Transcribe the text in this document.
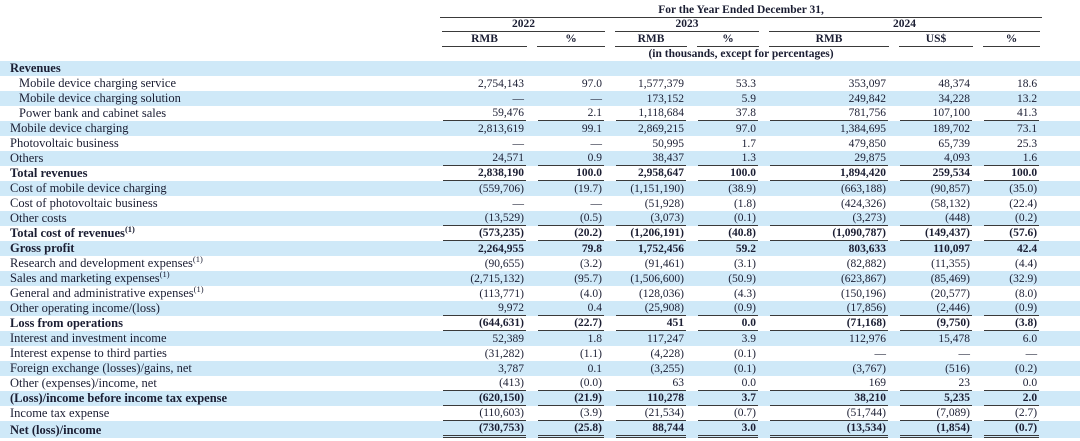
	For the Year Ended December 31,							

	2022		2023		2024			

	RMB	%	RMB	%	RMB	US$	%	

	(in thousands, except for percentages)							

Revenues	

Mobile device charging service	2,754,143	97.0	1,577,379	53.3	353,097	48,374	18.6	

Mobile device charging solution	—	—	173,152	5.9	249,842	34,228	13.2	

Power bank and cabinet sales	59,476	2.1	1,118,684	37.8	781,756	107,100	41.3	

Mobile device charging	2,813,619	99.1	2,869,215	97.0	1,384,695	189,702	73.1	

Photovoltaic business	—	—	50,995	1.7	479,850	65,739	25.3	

Others	24,571	0.9	38,437	1.3	29,875	4,093	1.6	

Total revenues	2,838,190	100.0	2,958,647	100.0	1,894,420	259,534	100.0	

Cost of mobile device charging	(559,706)	(19.7)	(1,151,190)	(38.9)	(663,188)	(90,857)	(35.0)	

Cost of photovoltaic business	—	—	(51,928)	(1.8)	(424,326)	(58,132)	(22.4)	

Other costs	(13,529)	(0.5)	(3,073)	(0.1)	(3,273)	(448)	(0.2)	

Total cost of revenues$^{(1)}$	(573,235)	(20.2)	(1,206,191)	(40.8)	(1,090,787)	(149,437)	(57.6)	

Gross profit	2,264,955	79.8	1,752,456	59.2	803,633	110,097	42.4	

Research and development expenses$^{(1)}$	(90,655)	(3.2)	(91,461)	(3.1)	(82,882)	(11,355)	(4.4)	

Sales and marketing expenses$^{(1)}$	(2,715,132)	(95.7)	(1,506,600)	(50.9)	(623,867)	(85,469)	(32.9)	

General and administrative expenses$^{(1)}$	(113,771)	(4.0)	(128,036)	(4.3)	(150,196)	(20,577)	(8.0)	

Other operating income/(loss)	9,972	0.4	(25,908)	(0.9)	(17,856)	(2,446)	(0.9)	

Loss from operations	(644,631)	(22.7)	451	0.0	(71,168)	(9,750)	(3.8)	

Interest and investment income	52,389	1.8	117,247	3.9	112,976	15,478	6.0	

Interest expense to third parties	(31,282)	(1.1)	(4,228)	(0.1)	—	—	—	

Foreign exchange (losses)/gains, net	3,787	0.1	(3,255)	(0.1)	(3,767)	(516)	(0.2)	

Other (expenses)/income, net	(413)	(0.0)	63	0.0	169	23	0.0	

(Loss)/income before income tax expense	(620,150)	(21.9)	110,278	3.7	38,210	5,235	2.0	

Income tax expense	(110,603)	(3.9)	(21,534)	(0.7)	(51,744)	(7,089)	(2.7)	

Net (loss)/income	(730,753)	(25.8)	88,744	3.0	(13,534)	(1,854)	(0.7)	
